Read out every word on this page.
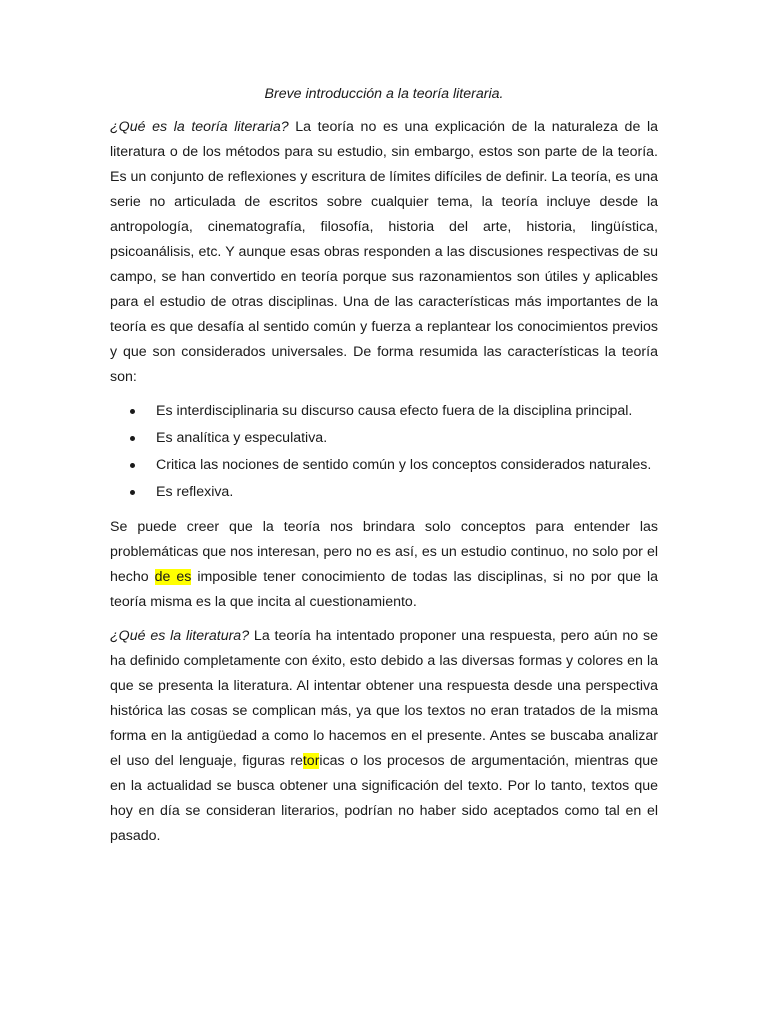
Breve introducción a la teoría literaria.

¿Qué es la teoría literaria? La teoría no es una explicación de la naturaleza de la literatura o de los métodos para su estudio, sin embargo, estos son parte de la teoría. Es un conjunto de reflexiones y escritura de límites difíciles de definir. La teoría, es una serie no articulada de escritos sobre cualquier tema, la teoría incluye desde la antropología, cinematografía, filosofía, historia del arte, historia, lingüística, psicoanálisis, etc. Y aunque esas obras responden a las discusiones respectivas de su campo, se han convertido en teoría porque sus razonamientos son útiles y aplicables para el estudio de otras disciplinas. Una de las características más importantes de la teoría es que desafía al sentido común y fuerza a replantear los conocimientos previos y que son considerados universales. De forma resumida las características la teoría son:

Es interdisciplinaria su discurso causa efecto fuera de la disciplina principal.
Es analítica y especulativa.
Critica las nociones de sentido común y los conceptos considerados naturales.
Es reflexiva.

Se puede creer que la teoría nos brindara solo conceptos para entender las problemáticas que nos interesan, pero no es así, es un estudio continuo, no solo por el hecho de es imposible tener conocimiento de todas las disciplinas, si no por que la teoría misma es la que incita al cuestionamiento.

¿Qué es la literatura? La teoría ha intentado proponer una respuesta, pero aún no se ha definido completamente con éxito, esto debido a las diversas formas y colores en la que se presenta la literatura. Al intentar obtener una respuesta desde una perspectiva histórica las cosas se complican más, ya que los textos no eran tratados de la misma forma en la antigüedad a como lo hacemos en el presente. Antes se buscaba analizar el uso del lenguaje, figuras retoricas o los procesos de argumentación, mientras que en la actualidad se busca obtener una significación del texto. Por lo tanto, textos que hoy en día se consideran literarios, podrían no haber sido aceptados como tal en el pasado.
